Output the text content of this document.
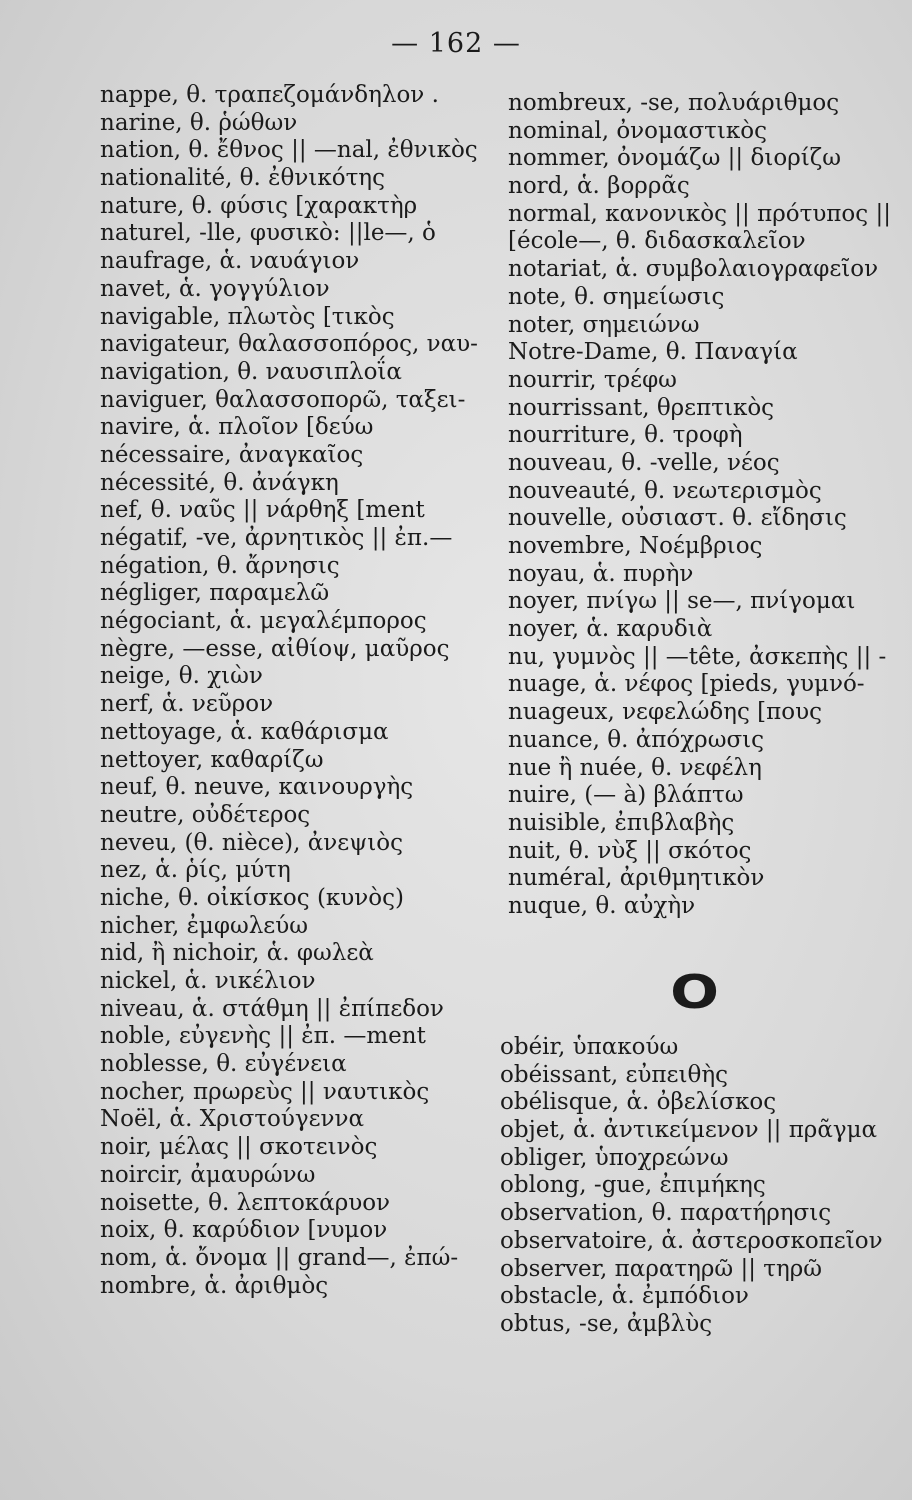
— 162 —
nappe, θ. τραπεζομάνδηλον .
narine, θ. ῥώθων
nation, θ. ἔθνος || —nal, ἐθνικὸς
nationalité, θ. ἐθνικότης
nature, θ. φύσις [χαρακτὴρ
naturel, -lle, φυσικὸ: ||le—, ὁ
naufrage, ἁ. ναυάγιον
navet, ἁ. γογγύλιον
navigable, πλωτὸς [τικὸς
navigateur, θαλασσοπόρος, ναυ-
navigation, θ. ναυσιπλοΐα
naviguer, θαλασσοπορῶ, ταξει-
navire, ἁ. πλοῖον [δεύω
nécessaire, ἀναγκαῖος
nécessité, θ. ἀνάγκη
nef, θ. ναῦς || νάρθηξ [ment
négatif, -ve, ἀρνητικὸς || ἐπ.—
négation, θ. ἄρνησις
négliger, παραμελῶ
négociant, ἁ. μεγαλέμπορος
nègre, —esse, αἰθίοψ, μαῦρος
neige, θ. χιὼν
nerf, ἁ. νεῦρον
nettoyage, ἁ. καθάρισμα
nettoyer, καθαρίζω
neuf, θ. neuve, καινουργὴς
neutre, οὐδέτερος
neveu, (θ. nièce), ἀνεψιὸς
nez, ἁ. ῥίς, μύτη
niche, θ. οἰκίσκος (κυνὸς)
nicher, ἐμφωλεύω
nid, ἢ nichoir, ἁ. φωλεὰ
nickel, ἁ. νικέλιον
niveau, ἁ. στάθμη || ἐπίπεδον
noble, εὐγενὴς || ἐπ. —ment
noblesse, θ. εὐγένεια
nocher, πρωρεὺς || ναυτικὸς
Noël, ἁ. Χριστούγεννα
noir, μέλας || σκοτεινὸς
noircir, ἀμαυρώνω
noisette, θ. λεπτοκάρυον
noix, θ. καρύδιον [νυμον
nom, ἁ. ὄνομα || grand—, ἐπώ-
nombre, ἁ. ἀριθμὸς
nombreux, -se, πολυάριθμος
nominal, ὀνομαστικὸς
nommer, ὀνομάζω || διορίζω
nord, ἁ. βορρᾶς
normal, κανονικὸς || πρότυπος ||
[école—, θ. διδασκαλεῖον
notariat, ἁ. συμβολαιογραφεῖον
note, θ. σημείωσις
noter, σημειώνω
Notre-Dame, θ. Παναγία
nourrir, τρέφω
nourrissant, θρεπτικὸς
nourriture, θ. τροφὴ
nouveau, θ. -velle, νέος
nouveauté, θ. νεωτερισμὸς
nouvelle, οὐσιαστ. θ. εἴδησις
novembre, Νοέμβριος
noyau, ἁ. πυρὴν
noyer, πνίγω || se—, πνίγομαι
noyer, ἁ. καρυδιὰ
nu, γυμνὸς || —tête, ἀσκεπὴς || -
nuage, ἁ. νέφος [pieds, γυμνό-
nuageux, νεφελώδης [πους
nuance, θ. ἀπόχρωσις
nue ἢ nuée, θ. νεφέλη
nuire, (— à) βλάπτω
nuisible, ἐπιβλαβὴς
nuit, θ. νὺξ || σκότος
numéral, ἀριθμητικὸν
nuque, θ. αὐχὴν
O
obéir, ὑπακούω
obéissant, εὐπειθὴς
obélisque, ἁ. ὀβελίσκος
objet, ἁ. ἀντικείμενον || πρᾶγμα
obliger, ὑποχρεώνω
oblong, -gue, ἐπιμήκης
observation, θ. παρατήρησις
observatoire, ἁ. ἀστεροσκοπεῖον
observer, παρατηρῶ || τηρῶ
obstacle, ἁ. ἐμπόδιον
obtus, -se, ἀμβλὺς
